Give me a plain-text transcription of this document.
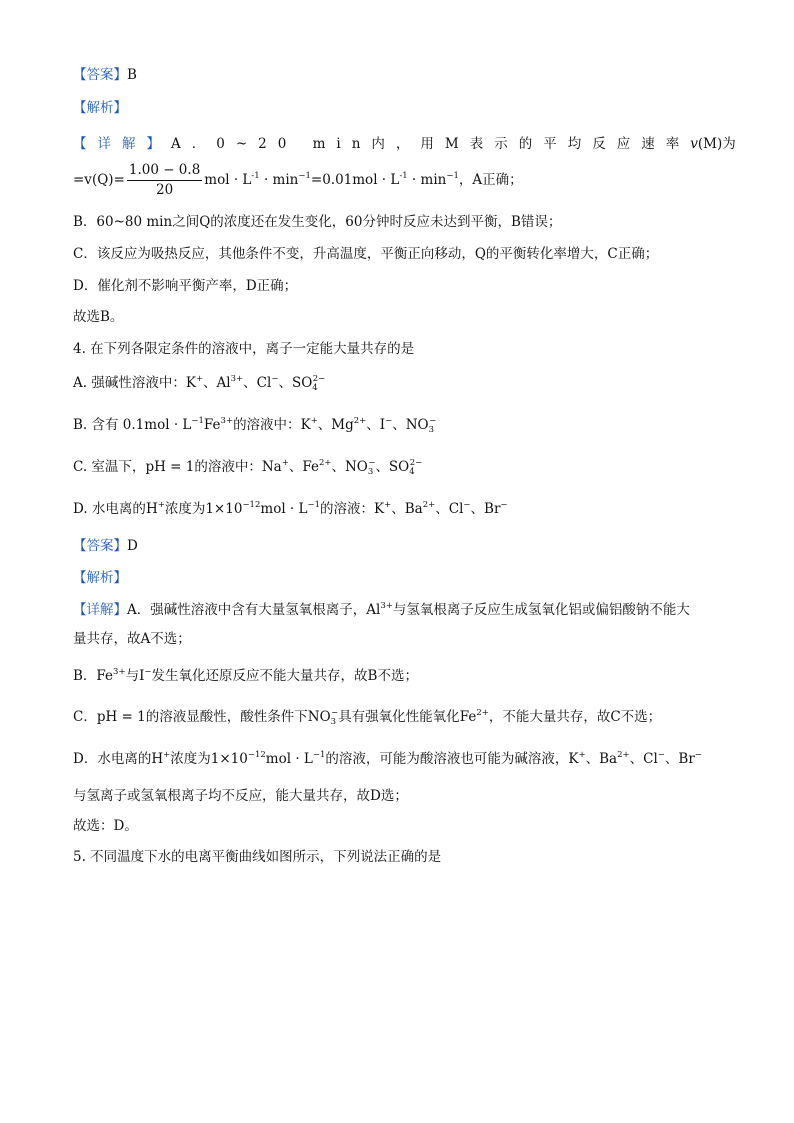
【答案】B
【解析】
【详解】A．0~20 min内，用M表示的平均反应速率v(M)为
$=v(Q)= \frac{1.00 - 0.8}{20}$ mol · $L^{-1} \cdot \min^{-1}=0.01mol \cdot L^{-1} \cdot \min^{-1}$，A正确；
B．60~80 min之间Q的浓度还在发生变化，60分钟时反应未达到平衡，B错误；
C．该反应为吸热反应，其他条件不变，升高温度，平衡正向移动，Q的平衡转化率增大，C正确；
D．催化剂不影响平衡产率，D正确；
故选B。
4. 在下列各限定条件的溶液中，离子一定能大量共存的是
A. 强碱性溶液中：K+、$Al^{3+}$、Cl−、$SO_4^{2-}$
B. 含有 $0.1mol \cdot L^{-1}Fe^{3+}$的溶液中：K+、$Mg^{2+}$、I−、$NO_3^-$
C. 室温下，pH = 1的溶液中：Na+、$Fe^{2+}$、$NO_3^-$、$SO_4^{2-}$
D. 水电离的H+浓度为$1\times 10^{-12}mol \cdot L^{-1}$的溶液：K+、$Ba^{2+}$、Cl−、Br−
【答案】D
【解析】
【详解】A．强碱性溶液中含有大量氢氧根离子，$Al^{3+}$与氢氧根离子反应生成氢氧化铝或偏铝酸钠不能大
量共存，故A不选；
B．$Fe^{3+}$与I−发生氧化还原反应不能大量共存，故B不选；
C．pH = 1的溶液显酸性，酸性条件下$NO_3^-$具有强氧化性能氧化$Fe^{2+}$，不能大量共存，故C不选；
D．水电离的H+浓度为$1\times 10^{-12}mol \cdot L^{-1}$的溶液，可能为酸溶液也可能为碱溶液，K+、$Ba^{2+}$、Cl−、Br−
与氢离子或氢氧根离子均不反应，能大量共存，故D选；
故选：D。
5. 不同温度下水的电离平衡曲线如图所示，下列说法正确的是
